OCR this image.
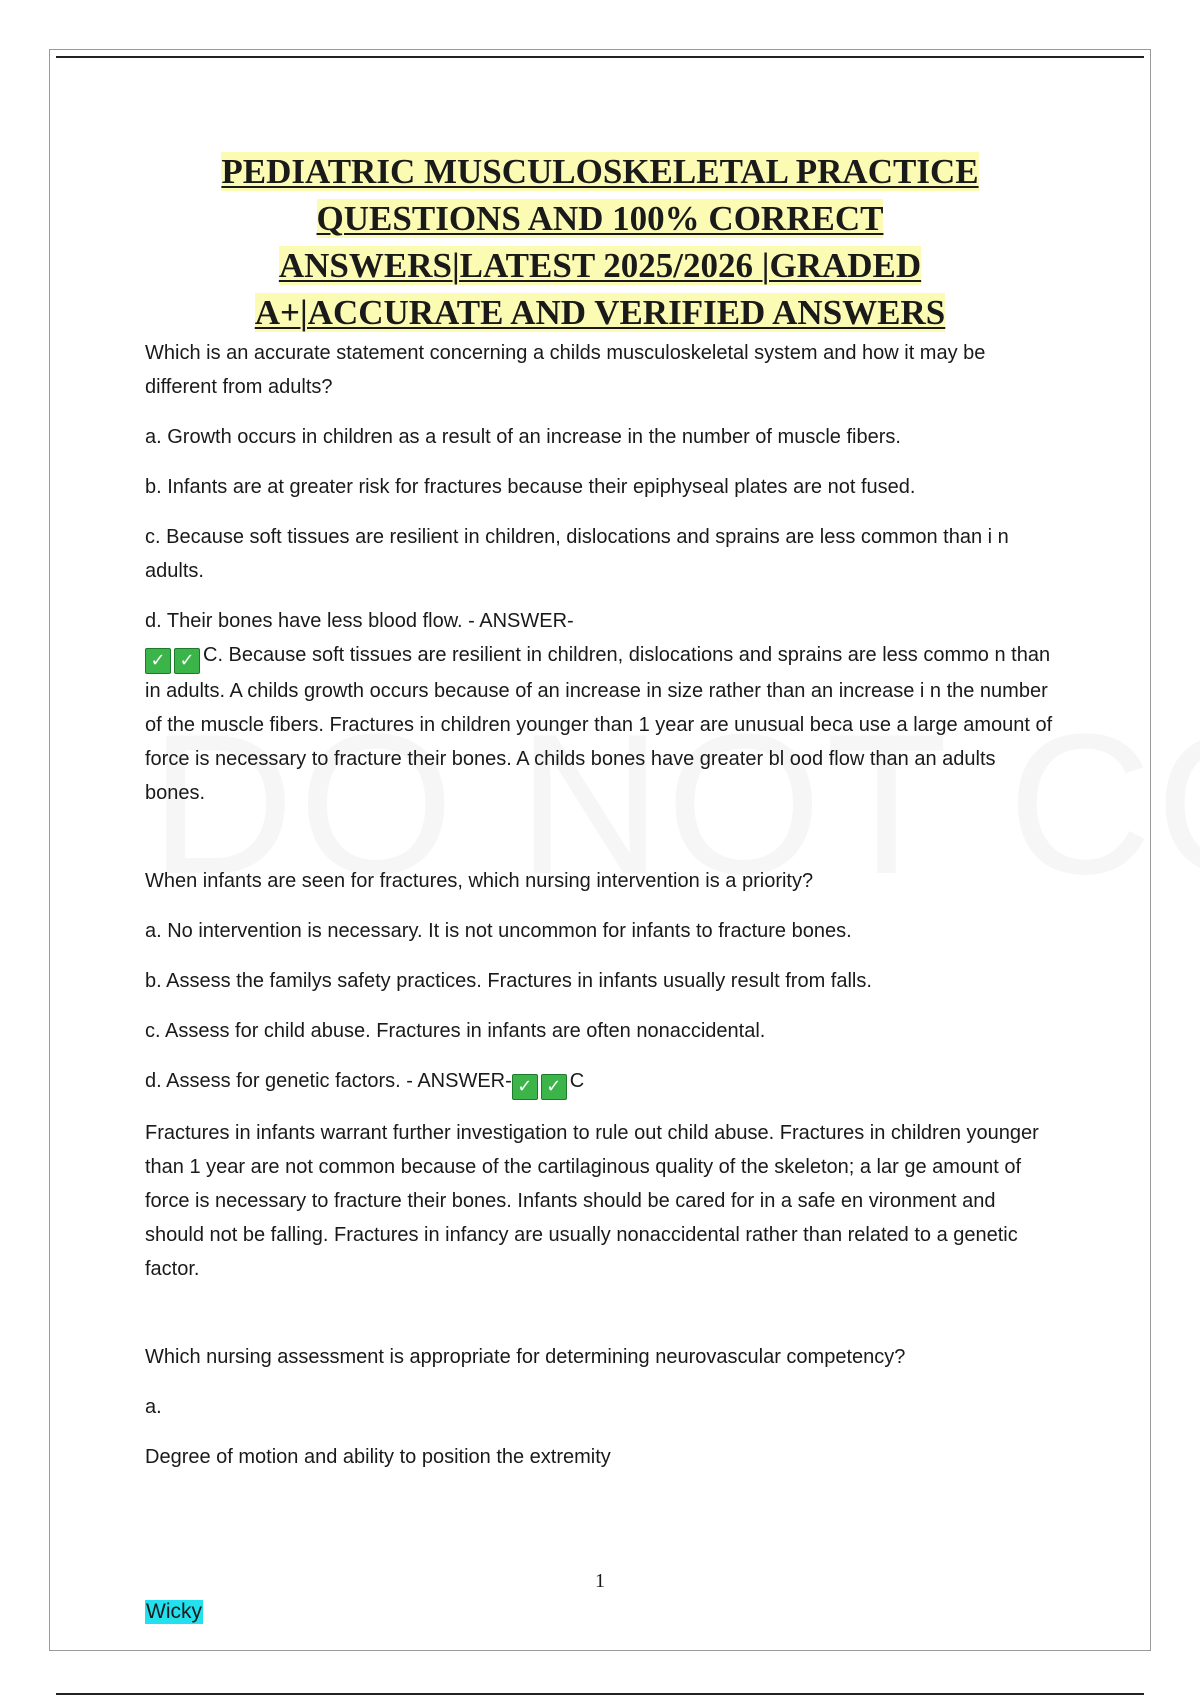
PEDIATRIC MUSCULOSKELETAL PRACTICE
QUESTIONS AND 100% CORRECT
ANSWERS|LATEST 2025/2026 |GRADED
A+|ACCURATE AND VERIFIED ANSWERS

Which is an accurate statement concerning a childs musculoskeletal system and how it may be different from adults?

a. Growth occurs in children as a result of an increase in the number of muscle fibers.

b. Infants are at greater risk for fractures because their epiphyseal plates are not fused.

c. Because soft tissues are resilient in children, dislocations and sprains are less common than i n adults.

d. Their bones have less blood flow. - ANSWER-

✓ ✓ C. Because soft tissues are resilient in children, dislocations and sprains are less commo n than in adults. A childs growth occurs because of an increase in size rather than an increase i n the number of the muscle fibers. Fractures in children younger than 1 year are unusual beca use a large amount of force is necessary to fracture their bones. A childs bones have greater bl ood flow than an adults bones.

When infants are seen for fractures, which nursing intervention is a priority?

a. No intervention is necessary. It is not uncommon for infants to fracture bones.

b. Assess the familys safety practices. Fractures in infants usually result from falls.

c. Assess for child abuse. Fractures in infants are often nonaccidental.

d. Assess for genetic factors. - ANSWER- ✓ ✓ C

Fractures in infants warrant further investigation to rule out child abuse. Fractures in children younger than 1 year are not common because of the cartilaginous quality of the skeleton; a lar ge amount of force is necessary to fracture their bones. Infants should be cared for in a safe en vironment and should not be falling. Fractures in infancy are usually nonaccidental rather than related to a genetic factor.

Which nursing assessment is appropriate for determining neurovascular competency?

a.

Degree of motion and ability to position the extremity

1
Wicky
